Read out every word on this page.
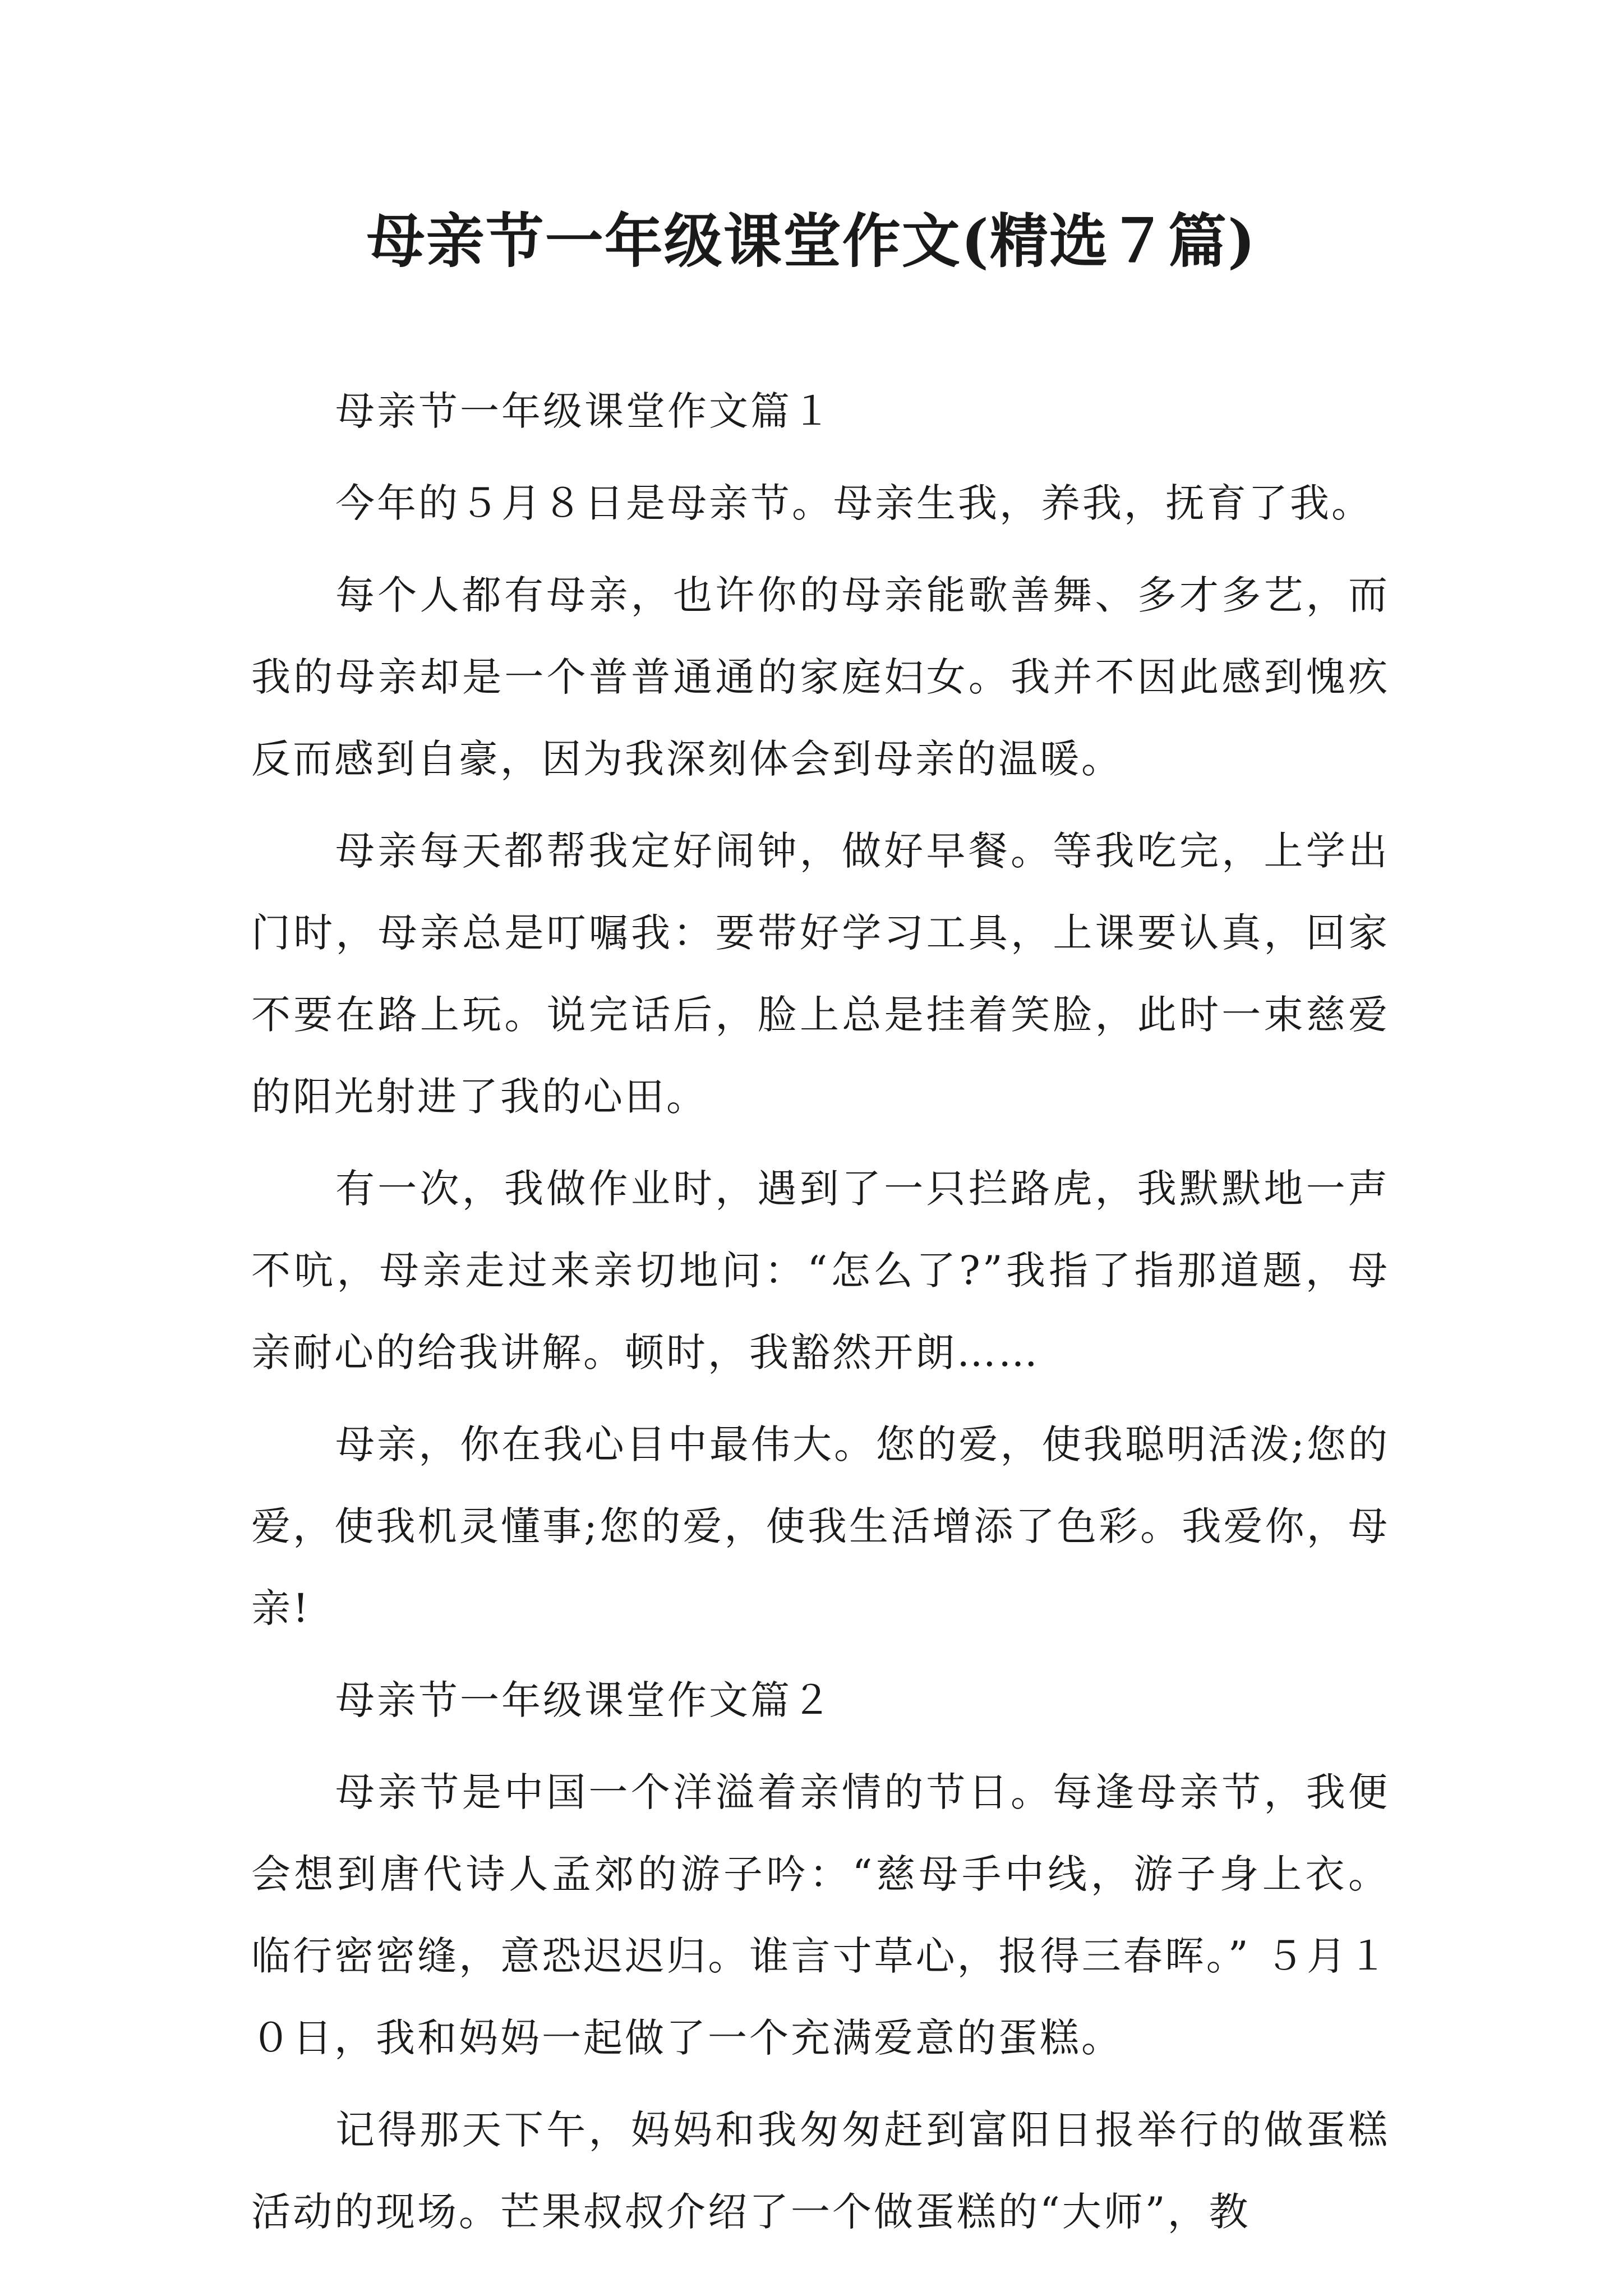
母亲节一年级课堂作文(精选７篇)

母亲节一年级课堂作文篇１

今年的５月８日是母亲节。母亲生我，养我，抚育了我。

每个人都有母亲，也许你的母亲能歌善舞、多才多艺，而我的母亲却是一个普普通通的家庭妇女。我并不因此感到愧疚反而感到自豪，因为我深刻体会到母亲的温暖。

母亲每天都帮我定好闹钟，做好早餐。等我吃完，上学出门时，母亲总是叮嘱我：要带好学习工具，上课要认真，回家不要在路上玩。说完话后，脸上总是挂着笑脸，此时一束慈爱的阳光射进了我的心田。

有一次，我做作业时，遇到了一只拦路虎，我默默地一声不吭，母亲走过来亲切地问：“怎么了?”我指了指那道题，母亲耐心的给我讲解。顿时，我豁然开朗……

母亲，你在我心目中最伟大。您的爱，使我聪明活泼;您的爱，使我机灵懂事;您的爱，使我生活增添了色彩。我爱你，母亲!

母亲节一年级课堂作文篇２

母亲节是中国一个洋溢着亲情的节日。每逢母亲节，我便会想到唐代诗人孟郊的游子吟：“慈母手中线，游子身上衣。临行密密缝，意恐迟迟归。谁言寸草心，报得三春晖。” ５月１０日，我和妈妈一起做了一个充满爱意的蛋糕。

记得那天下午，妈妈和我匆匆赶到富阳日报举行的做蛋糕活动的现场。芒果叔叔介绍了一个做蛋糕的“大师”，教
